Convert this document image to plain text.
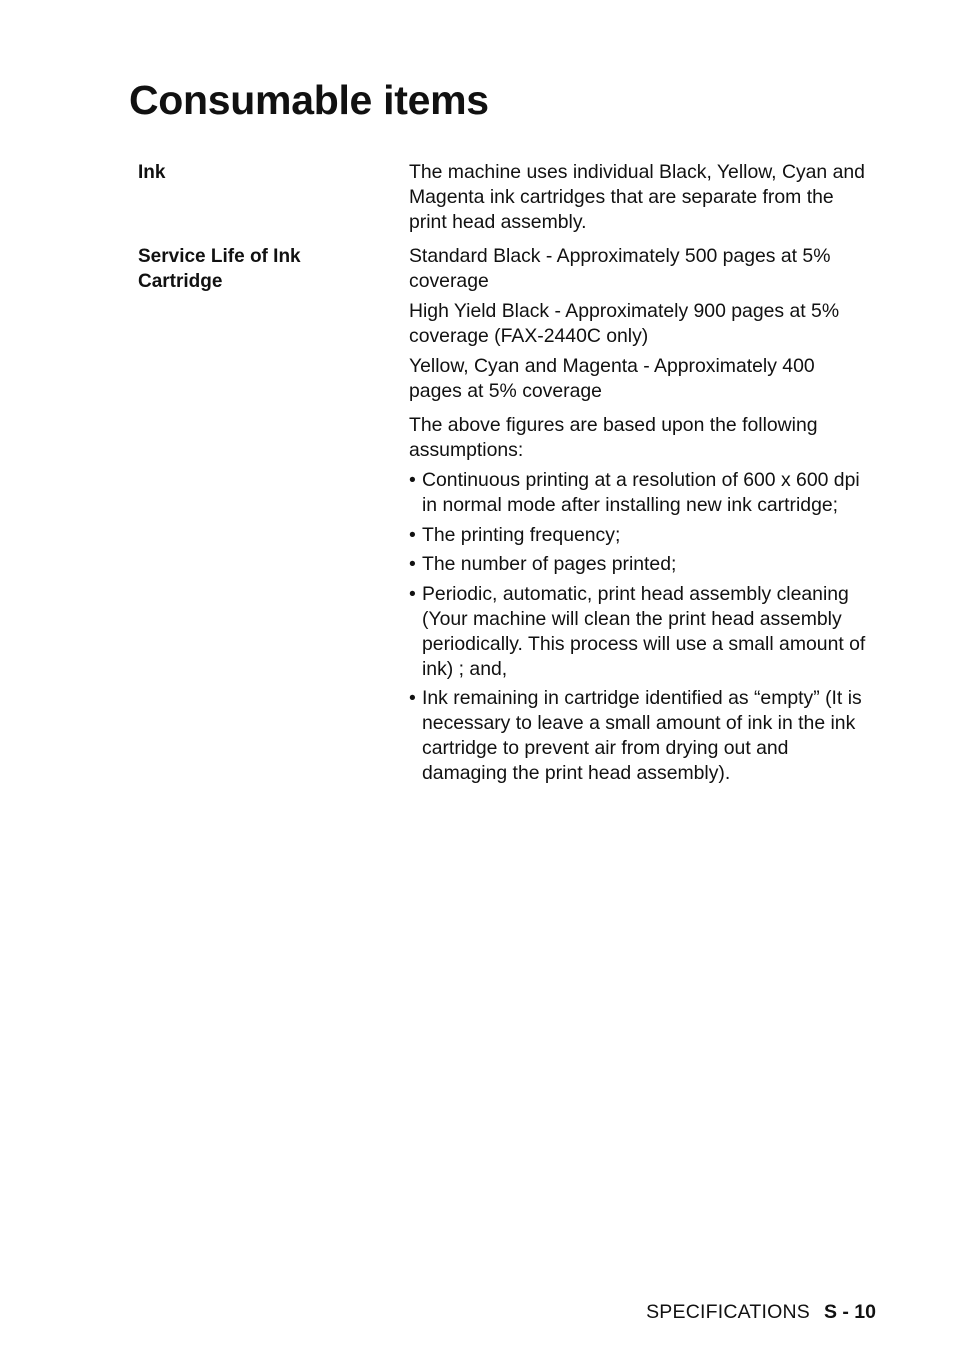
Consumable items
Ink	The machine uses individual Black, Yellow, Cyan and Magenta ink cartridges that are separate from the print head assembly.

Service Life of Ink Cartridge

Standard Black - Approximately 500 pages at 5% coverage

High Yield Black - Approximately 900 pages at 5% coverage (FAX-2440C only)

Yellow, Cyan and Magenta - Approximately 400 pages at 5% coverage

The above figures are based upon the following assumptions:

• Continuous printing at a resolution of 600 x 600 dpi in normal mode after installing new ink cartridge;
• The printing frequency;
• The number of pages printed;
• Periodic, automatic, print head assembly cleaning (Your machine will clean the print head assembly periodically. This process will use a small amount of ink) ; and,
• Ink remaining in cartridge identified as “empty” (It is necessary to leave a small amount of ink in the ink cartridge to prevent air from drying out and damaging the print head assembly).
SPECIFICATIONS S - 10
